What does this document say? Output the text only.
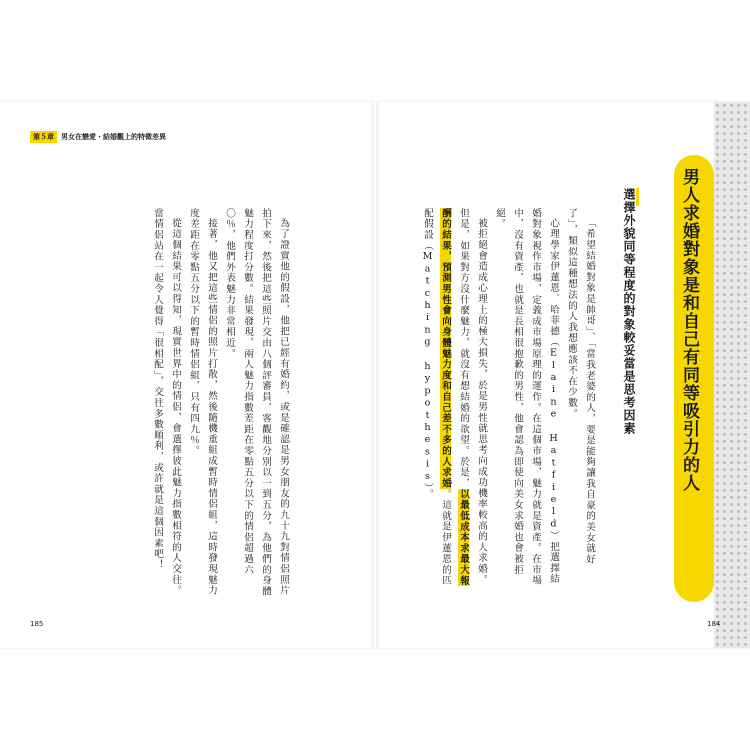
第５章	男女在戀愛・結婚觀上的特徵差異
為了證實他的假設，他把已經有婚約，或是確認是男女朋友的九十九對情侶照片拍下來，然後把這些照片交由八個評審員，客觀地分別以一到五分，為他們的身體魅力程度打分數。結果發現，兩人魅力指數差距在零點五分以下的情侶超過六〇％，他們外表魅力非常相近。
接著，他又把這些情侶的照片打散，然後隨機重組成暫時情侶組，這時發現魅力度差距在零點五分以下的暫時情侶組，只有四九％。
從這個結果可以得知，現實世界中的情侶，會選擇彼此魅力指數相符的人交往。當情侶站在一起令人覺得「很相配」，交往多數順利，或許就是這個因素吧！	「希望結婚對象是帥哥」、「當我老婆的人，要是能夠讓我自豪的美女就好了」，類似這種想法的人我想應該不在少數。
心理學家伊蓮恩．哈菲德（Elaine Hatfield）把選擇結婚對象視作市場，定義成市場原理的運作。在這個市場，魅力就是資產。在市場中，沒有資產，也就是長相很抱歉的男性，他會認為即使向美女求婚也會被拒絕。
被拒絕會造成心理上的極大損失，於是男性就思考向成功機率較高的人求婚。但是，如果對方沒什麼魅力，就沒有想結婚的欲望。於是，以最低成本求最大報酬的結果，預測男性會向身體魅力度和自己差不多的人求婚。這就是伊蓮恩的匹配假設（Matching hypothesis）。	選擇外貌同等程度的對象較妥當是思考因素	男人求婚對象是和自己有同等吸引力的人
185	184
